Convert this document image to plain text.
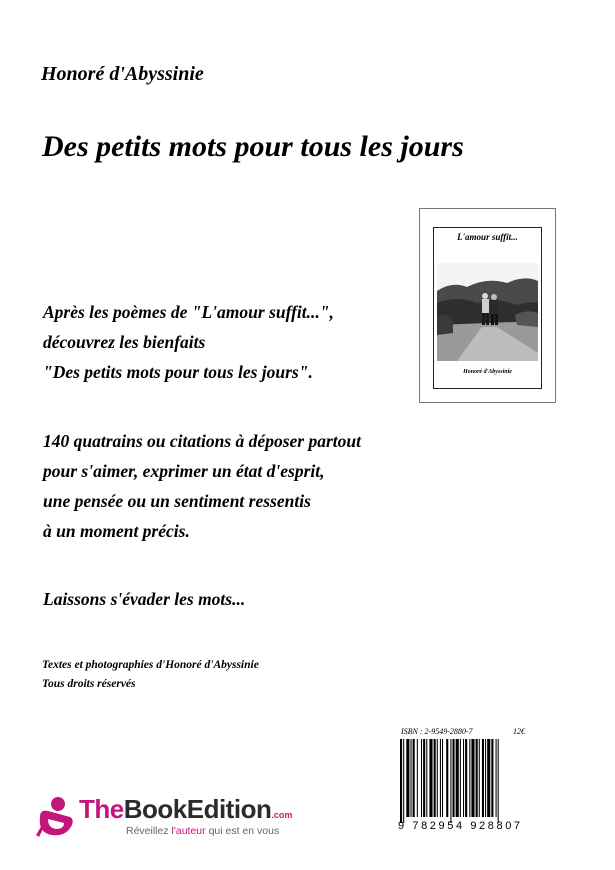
Honoré d'Abyssinie
Des petits mots pour tous les jours
Après les poèmes de "L'amour suffit...",
découvrez les bienfaits
"Des petits mots pour tous les jours".
140 quatrains ou citations à déposer partout
pour s'aimer, exprimer un état d'esprit,
une pensée ou un sentiment ressentis
à un moment précis.
Laissons s'évader les mots...
Textes et photographies d'Honoré d'Abyssinie
Tous droits réservés
L'amour suffit...
Honoré d'Abyssinie
ISBN : 2-9549-2880-7	12€
9 782954 928807
TheBookEdition.com
Réveillez l'auteur qui est en vous
